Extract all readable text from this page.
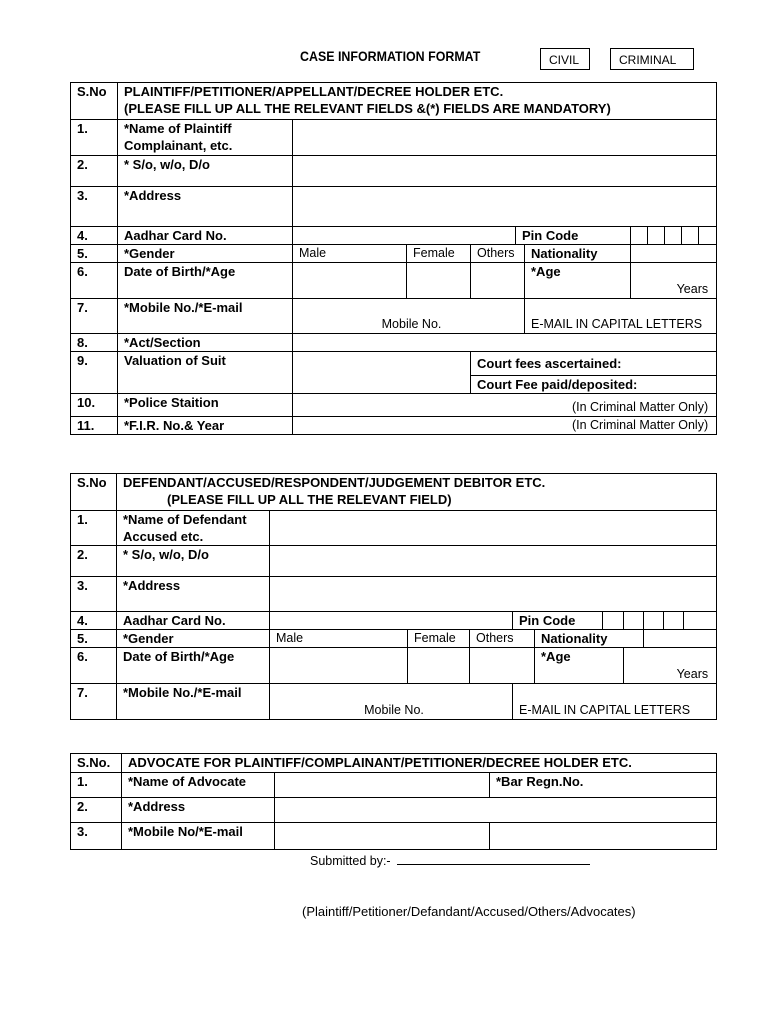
CASE INFORMATION FORMAT	CIVIL	CRIMINAL
S.No	PLAINTIFF/PETITIONER/APPELLANT/DECREE HOLDER ETC.
(PLEASE FILL UP ALL THE RELEVANT FIELDS &(*) FIELDS ARE MANDATORY)										

1.	*Name of Plaintiff Complainant, etc.										
2.	* S/o, w/o, D/o										
3.	*Address										
4.	Aadhar Card No.				Pin Code						
5.	*Gender	Male	Female	Others		Nationality					
6.	Date of Birth/*Age					*Age	Years				
7.	*Mobile No./*E-mail	Mobile No.				E-MAIL IN CAPITAL LETTERS					
8.	*Act/Section										
9.	Valuation of Suit			Court fees ascertained:							
				Court Fee paid/deposited:							
10.	*Police Staition	(In Criminal Matter Only)									
11.	*F.I.R. No.& Year	(In Criminal Matter Only)									
S.No	DEFENDANT/ACCUSED/RESPONDENT/JUDGEMENT DEBITOR ETC.
(PLEASE FILL UP ALL THE RELEVANT FIELD)										

1.	*Name of Defendant Accused etc.										
2.	* S/o, w/o, D/o										
3.	*Address										
4.	Aadhar Card No.				Pin Code						
5.	*Gender	Male	Female	Others		Nationality					
6.	Date of Birth/*Age					*Age		Years			
7.	*Mobile No./*E-mail	Mobile No.			E-MAIL IN CAPITAL LETTERS						
S.No.	ADVOCATE FOR PLAINTIFF/COMPLAINANT/PETITIONER/DECREE HOLDER ETC.		
1.	*Name of Advocate		*Bar Regn.No.
2.	*Address		
3.	*Mobile No/*E-mail		
Submitted by:-
(Plaintiff/Petitioner/Defandant/Accused/Others/Advocates)
